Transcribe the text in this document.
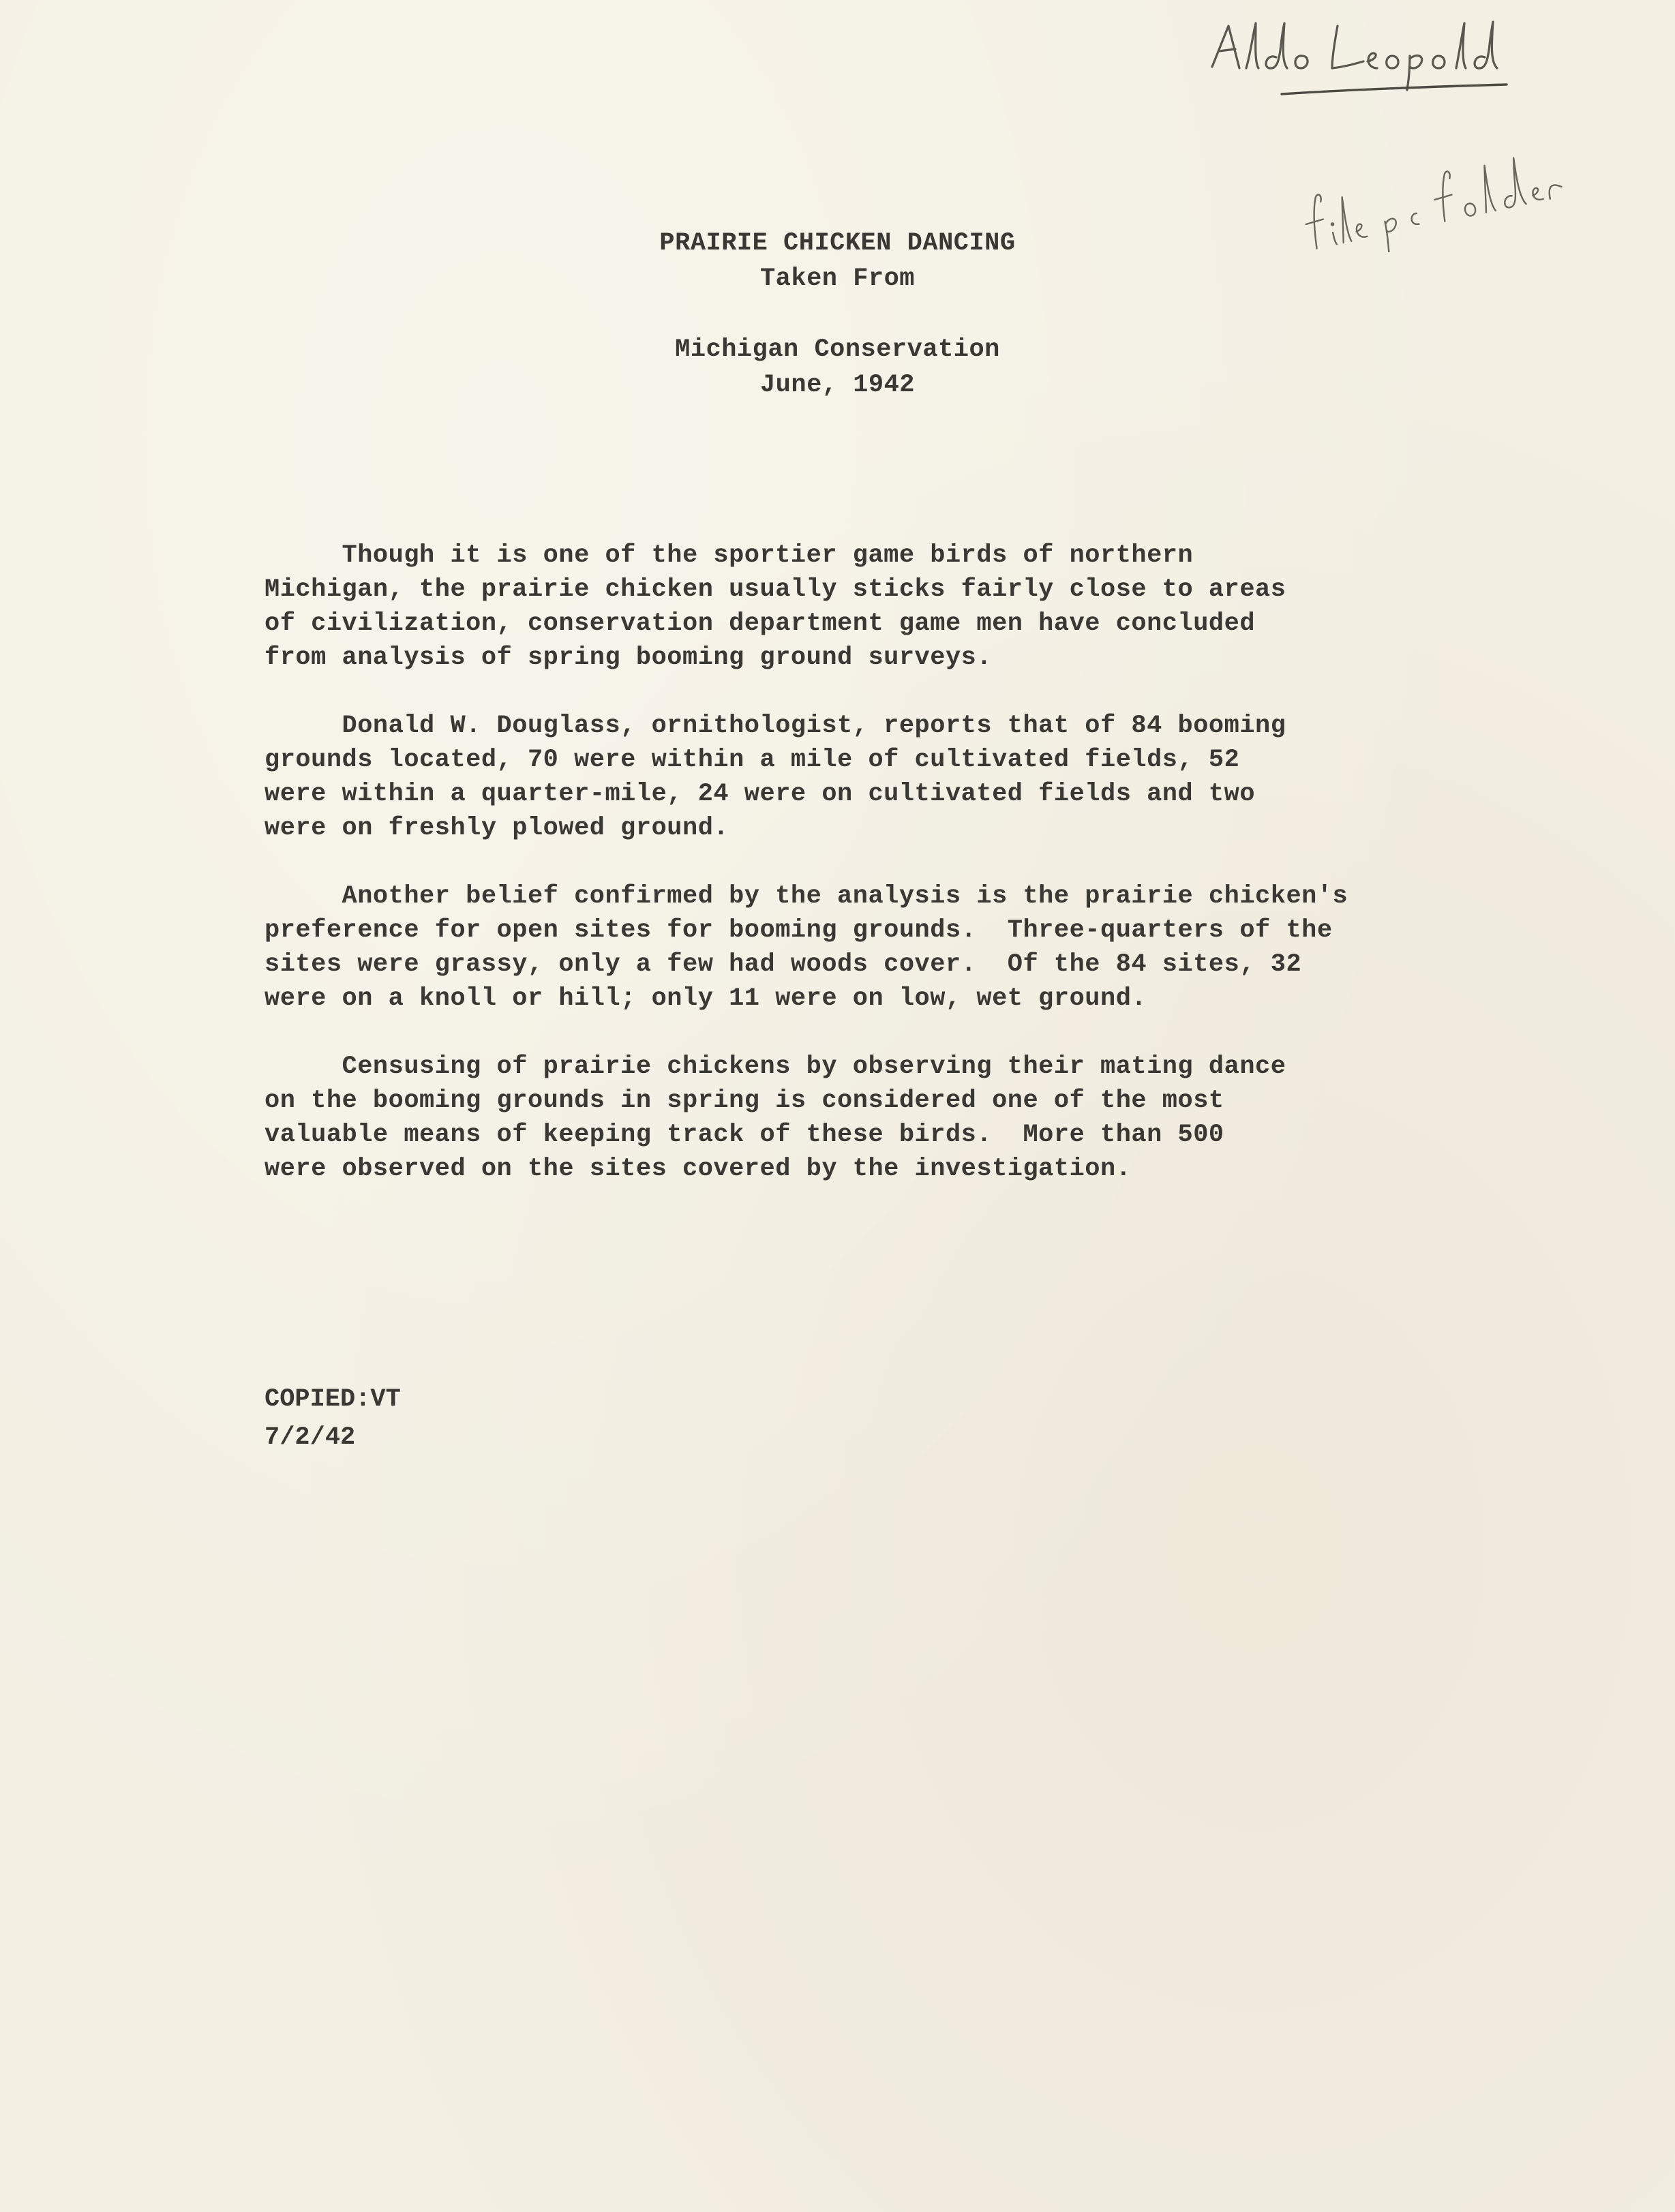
PRAIRIE CHICKEN DANCING
Taken From
Michigan Conservation
June, 1942
Though it is one of the sportier game birds of northern
Michigan, the prairie chicken usually sticks fairly close to areas
of civilization, conservation department game men have concluded
from analysis of spring booming ground surveys.
Donald W. Douglass, ornithologist, reports that of 84 booming
grounds located, 70 were within a mile of cultivated fields, 52
were within a quarter-mile, 24 were on cultivated fields and two
were on freshly plowed ground.
Another belief confirmed by the analysis is the prairie chicken's
preference for open sites for booming grounds.  Three-quarters of the
sites were grassy, only a few had woods cover.  Of the 84 sites, 32
were on a knoll or hill; only 11 were on low, wet ground.
Censusing of prairie chickens by observing their mating dance
on the booming grounds in spring is considered one of the most
valuable means of keeping track of these birds.  More than 500
were observed on the sites covered by the investigation.
COPIED:VT
7/2/42
